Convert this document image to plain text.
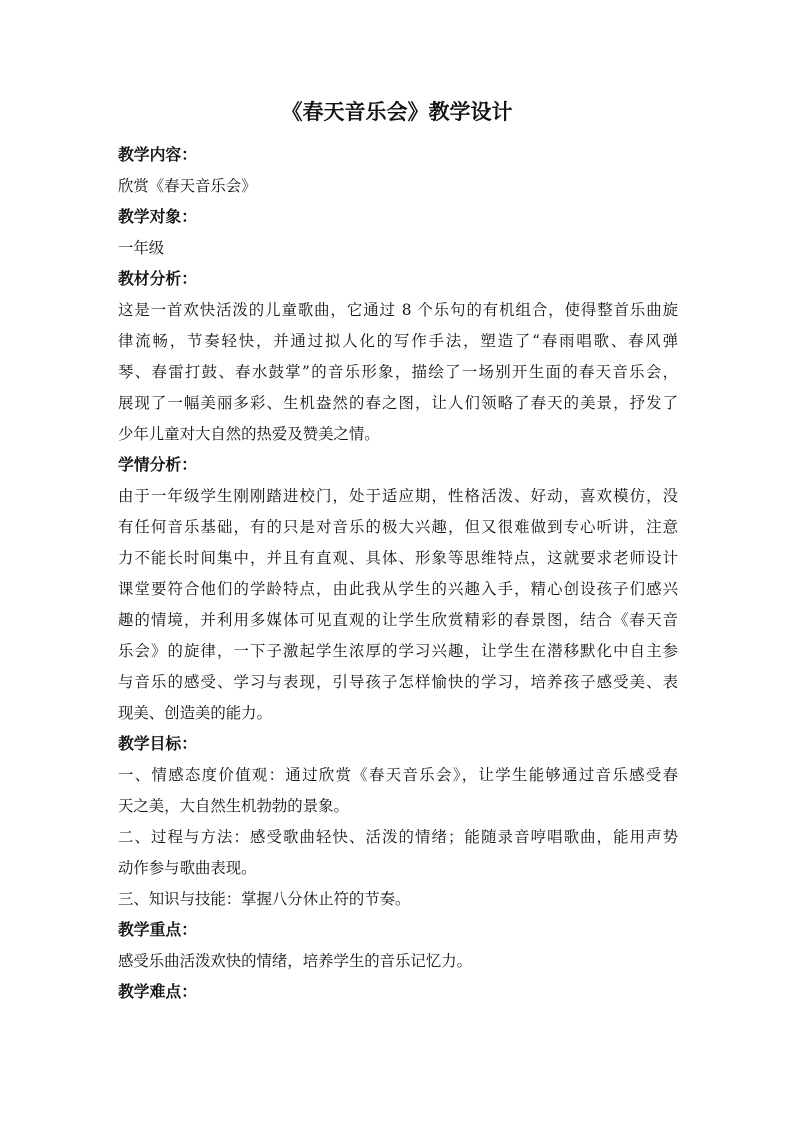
《春天音乐会》教学设计
教学内容：
欣赏《春天音乐会》
教学对象：
一年级
教材分析：
这是一首欢快活泼的儿童歌曲，它通过 8 个乐句的有机组合，使得整首乐曲旋
律流畅，节奏轻快，并通过拟人化的写作手法，塑造了“春雨唱歌、春风弹
琴、春雷打鼓、春水鼓掌”的音乐形象，描绘了一场别开生面的春天音乐会，
展现了一幅美丽多彩、生机盎然的春之图，让人们领略了春天的美景，抒发了
少年儿童对大自然的热爱及赞美之情。
学情分析：
由于一年级学生刚刚踏进校门，处于适应期，性格活泼、好动，喜欢模仿，没
有任何音乐基础，有的只是对音乐的极大兴趣，但又很难做到专心听讲，注意
力不能长时间集中，并且有直观、具体、形象等思维特点，这就要求老师设计
课堂要符合他们的学龄特点，由此我从学生的兴趣入手，精心创设孩子们感兴
趣的情境，并利用多媒体可见直观的让学生欣赏精彩的春景图，结合《春天音
乐会》的旋律，一下子激起学生浓厚的学习兴趣，让学生在潜移默化中自主参
与音乐的感受、学习与表现，引导孩子怎样愉快的学习，培养孩子感受美、表
现美、创造美的能力。
教学目标：
一、情感态度价值观：通过欣赏《春天音乐会》，让学生能够通过音乐感受春
天之美，大自然生机勃勃的景象。
二、过程与方法：感受歌曲轻快、活泼的情绪；能随录音哼唱歌曲，能用声势
动作参与歌曲表现。
三、知识与技能：掌握八分休止符的节奏。
教学重点：
感受乐曲活泼欢快的情绪，培养学生的音乐记忆力。
教学难点：
